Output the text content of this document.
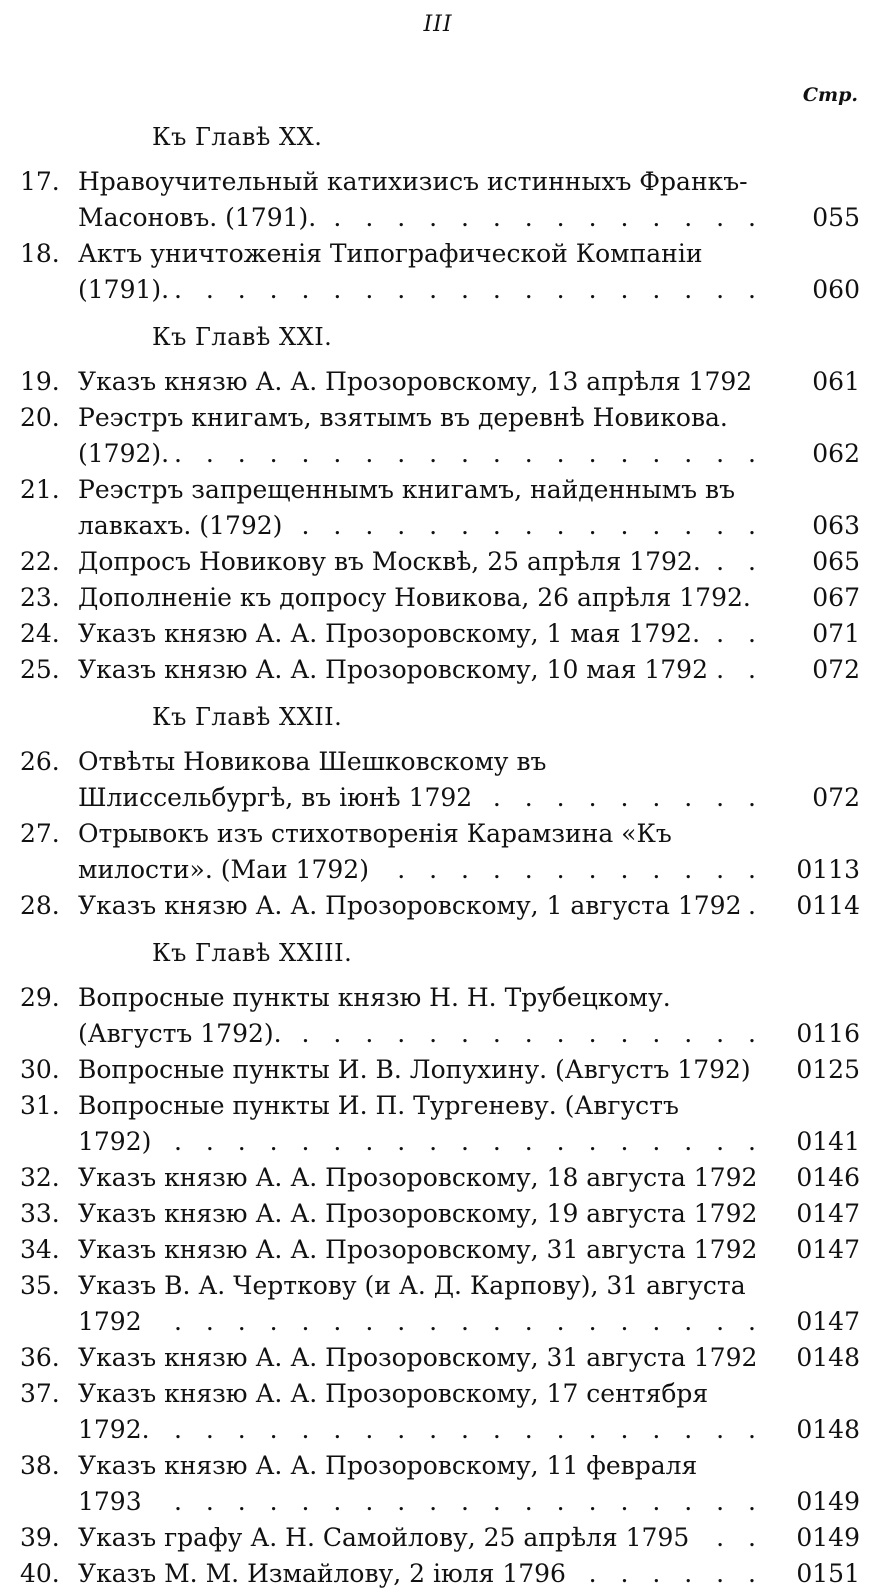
III
Стр.
Къ Главѣ XX.
17. Нравоучительный катихизисъ истинныхъ Франкъ-Масоновъ. (1791). . . .	055
18. Актъ уничтоженія Типографической Компаніи (1791). . . .	060
Къ Главѣ XXI.
19. Указъ князю А. А. Прозоровскому, 13 апрѣля 1792 . . .	061
20. Реэстръ книгамъ, взятымъ въ деревнѣ Новикова. (1792). . . .	062
21. Реэстръ запрещеннымъ книгамъ, найденнымъ въ лавкахъ. (1792) . . .	063
22. Допросъ Новикову въ Москвѣ, 25 апрѣля 1792. . . .	065
23. Дополненіе къ допросу Новикова, 26 апрѣля 1792. . . .	067
24. Указъ князю А. А. Прозоровскому, 1 мая 1792. . . .	071
25. Указъ князю А. А. Прозоровскому, 10 мая 1792 . . .	072
Къ Главѣ XXII.
26. Отвѣты Новикова Шешковскому въ Шлиссельбургѣ, въ іюнѣ 1792 . . .	072
27. Отрывокъ изъ стихотворенія Карамзина «Къ милости». (Маи 1792) . . .	0113
28. Указъ князю А. А. Прозоровскому, 1 августа 1792 . . .	0114
Къ Главѣ XXIII.
29. Вопросные пункты князю Н. Н. Трубецкому. (Августъ 1792). . . .	0116
30. Вопросные пункты И. В. Лопухину. (Августъ 1792) . . .	0125
31. Вопросные пункты И. П. Тургеневу. (Августъ 1792) . . .	0141
32. Указъ князю А. А. Прозоровскому, 18 августа 1792 . . .	0146
33. Указъ князю А. А. Прозоровскому, 19 августа 1792 . . .	0147
34. Указъ князю А. А. Прозоровскому, 31 августа 1792 . . .	0147
35. Указъ В. А. Черткову (и А. Д. Карпову), 31 августа 1792 . . .	0147
36. Указъ князю А. А. Прозоровскому, 31 августа 1792 . . .	0148
37. Указъ князю А. А. Прозоровскому, 17 сентября 1792. . . .	0148
38. Указъ князю А. А. Прозоровскому, 11 февраля 1793 . . .	0149
39. Указъ графу А. Н. Самойлову, 25 апрѣля 1795 . . .	0149
40. Указъ М. М. Измайлову, 2 іюля 1796 . . .	0151
